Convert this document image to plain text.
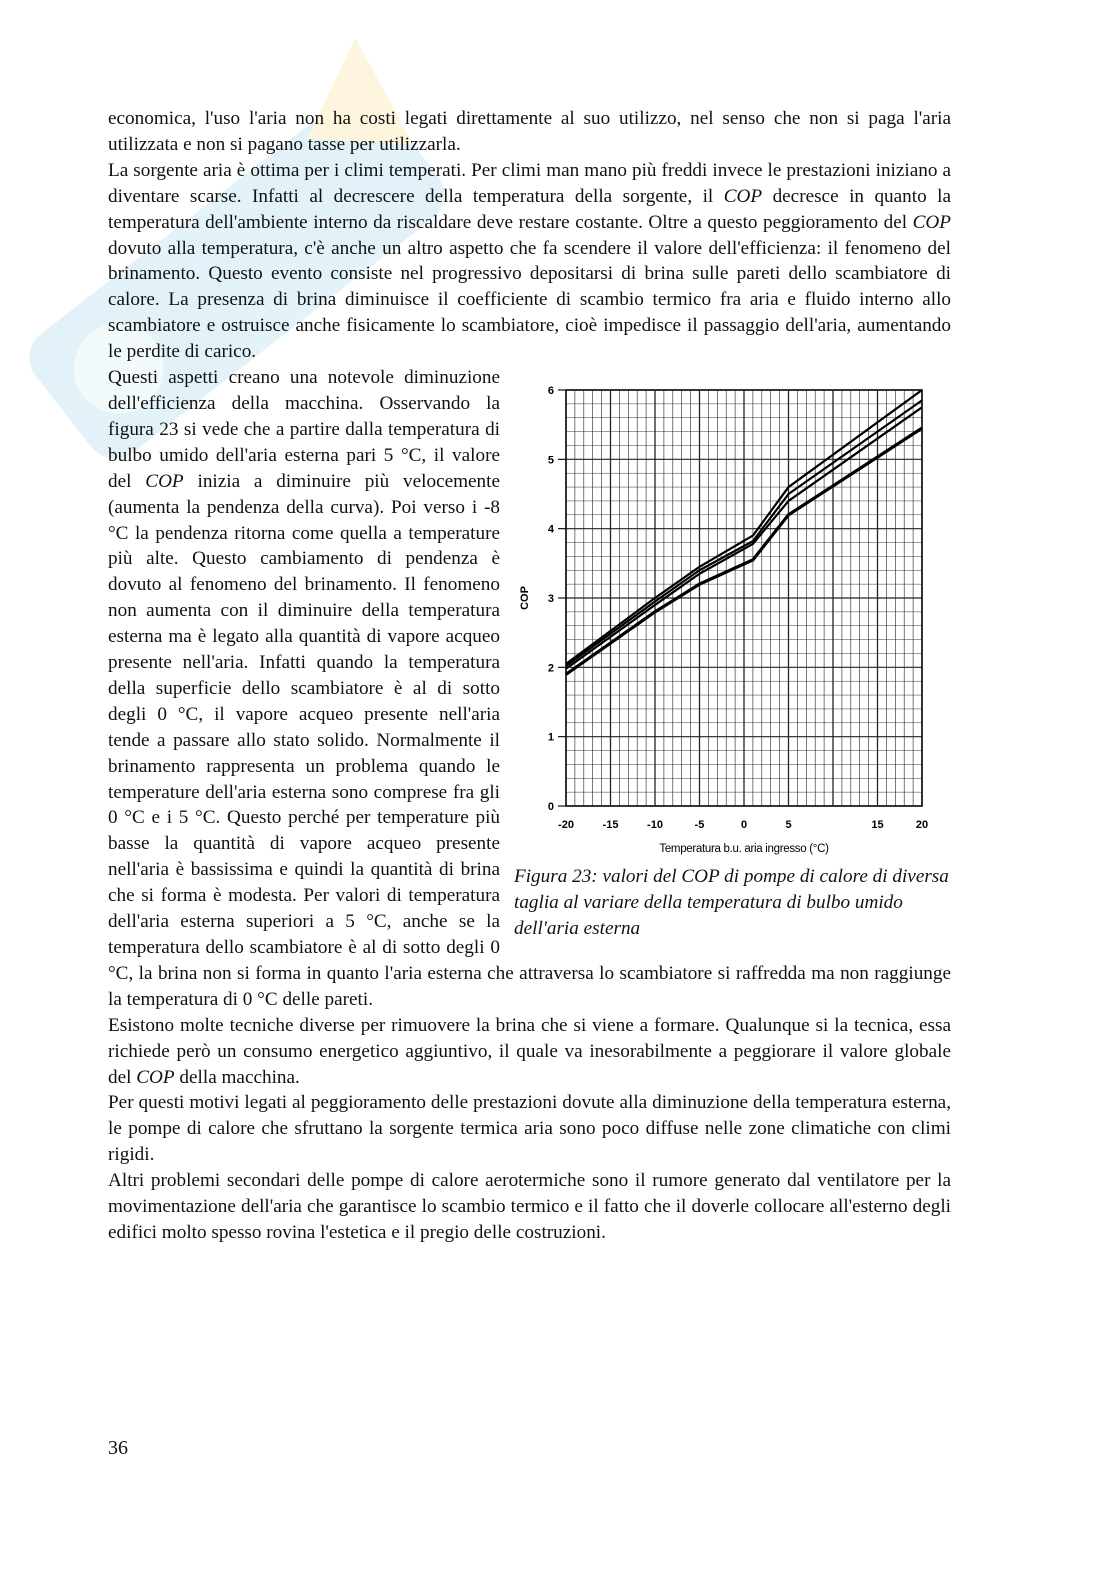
economica, l'uso l'aria non ha costi legati direttamente al suo utilizzo, nel senso che non si paga l'aria utilizzata e non si pagano tasse per utilizzarla.

La sorgente aria è ottima per i climi temperati. Per climi man mano più freddi invece le prestazioni iniziano a diventare scarse. Infatti al decrescere della temperatura della sorgente, il COP decresce in quanto la temperatura dell'ambiente interno da riscaldare deve restare costante. Oltre a questo peggioramento del COP dovuto alla temperatura, c'è anche un altro aspetto che fa scendere il valore dell'efficienza: il fenomeno del brinamento. Questo evento consiste nel progressivo depositarsi di brina sulle pareti dello scambiatore di calore. La presenza di brina diminuisce il coefficiente di scambio termico fra aria e fluido interno allo scambiatore e ostruisce anche fisicamente lo scambiatore, cioè impedisce il passaggio dell'aria, aumentando le perdite di carico.

0
1
2
3
4
5
6
-20	-15	-10	-5	0	5	15	20
Temperatura b.u. aria ingresso (°C)
COP
Figura 23: valori del COP di pompe di calore di diversa taglia al variare della temperatura di bulbo umido dell'aria esterna

Questi aspetti creano una notevole diminuzione dell'efficienza della macchina. Osservando la figura 23 si vede che a partire dalla temperatura di bulbo umido dell'aria esterna pari 5 °C, il valore del COP inizia a diminuire più velocemente (aumenta la pendenza della curva). Poi verso i -8 °C la pendenza ritorna come quella a temperature più alte. Questo cambiamento di pendenza è dovuto al fenomeno del brinamento. Il fenomeno non aumenta con il diminuire della temperatura esterna ma è legato alla quantità di vapore acqueo presente nell'aria. Infatti quando la temperatura della superficie dello scambiatore è al di sotto degli 0 °C, il vapore acqueo presente nell'aria tende a passare allo stato solido. Normalmente il brinamento rappresenta un problema quando le temperature dell'aria esterna sono comprese fra gli 0 °C e i 5 °C. Questo perché per temperature più basse la quantità di vapore acqueo presente nell'aria è bassissima e quindi la quantità di brina che si forma è modesta. Per valori di temperatura dell'aria esterna superiori a 5 °C, anche se la temperatura dello scambiatore è al di sotto degli 0 °C, la brina non si forma in quanto l'aria esterna che attraversa lo scambiatore si raffredda ma non raggiunge la temperatura di 0 °C delle pareti.

Esistono molte tecniche diverse per rimuovere la brina che si viene a formare. Qualunque si la tecnica, essa richiede però un consumo energetico aggiuntivo, il quale va inesorabilmente a peggiorare il valore globale del COP della macchina.

Per questi motivi legati al peggioramento delle prestazioni dovute alla diminuzione della temperatura esterna, le pompe di calore che sfruttano la sorgente termica aria sono poco diffuse nelle zone climatiche con climi rigidi.

Altri problemi secondari delle pompe di calore aerotermiche sono il rumore generato dal ventilatore per la movimentazione dell'aria che garantisce lo scambio termico e il fatto che il doverle collocare all'esterno degli edifici molto spesso rovina l'estetica e il pregio delle costruzioni.

36
